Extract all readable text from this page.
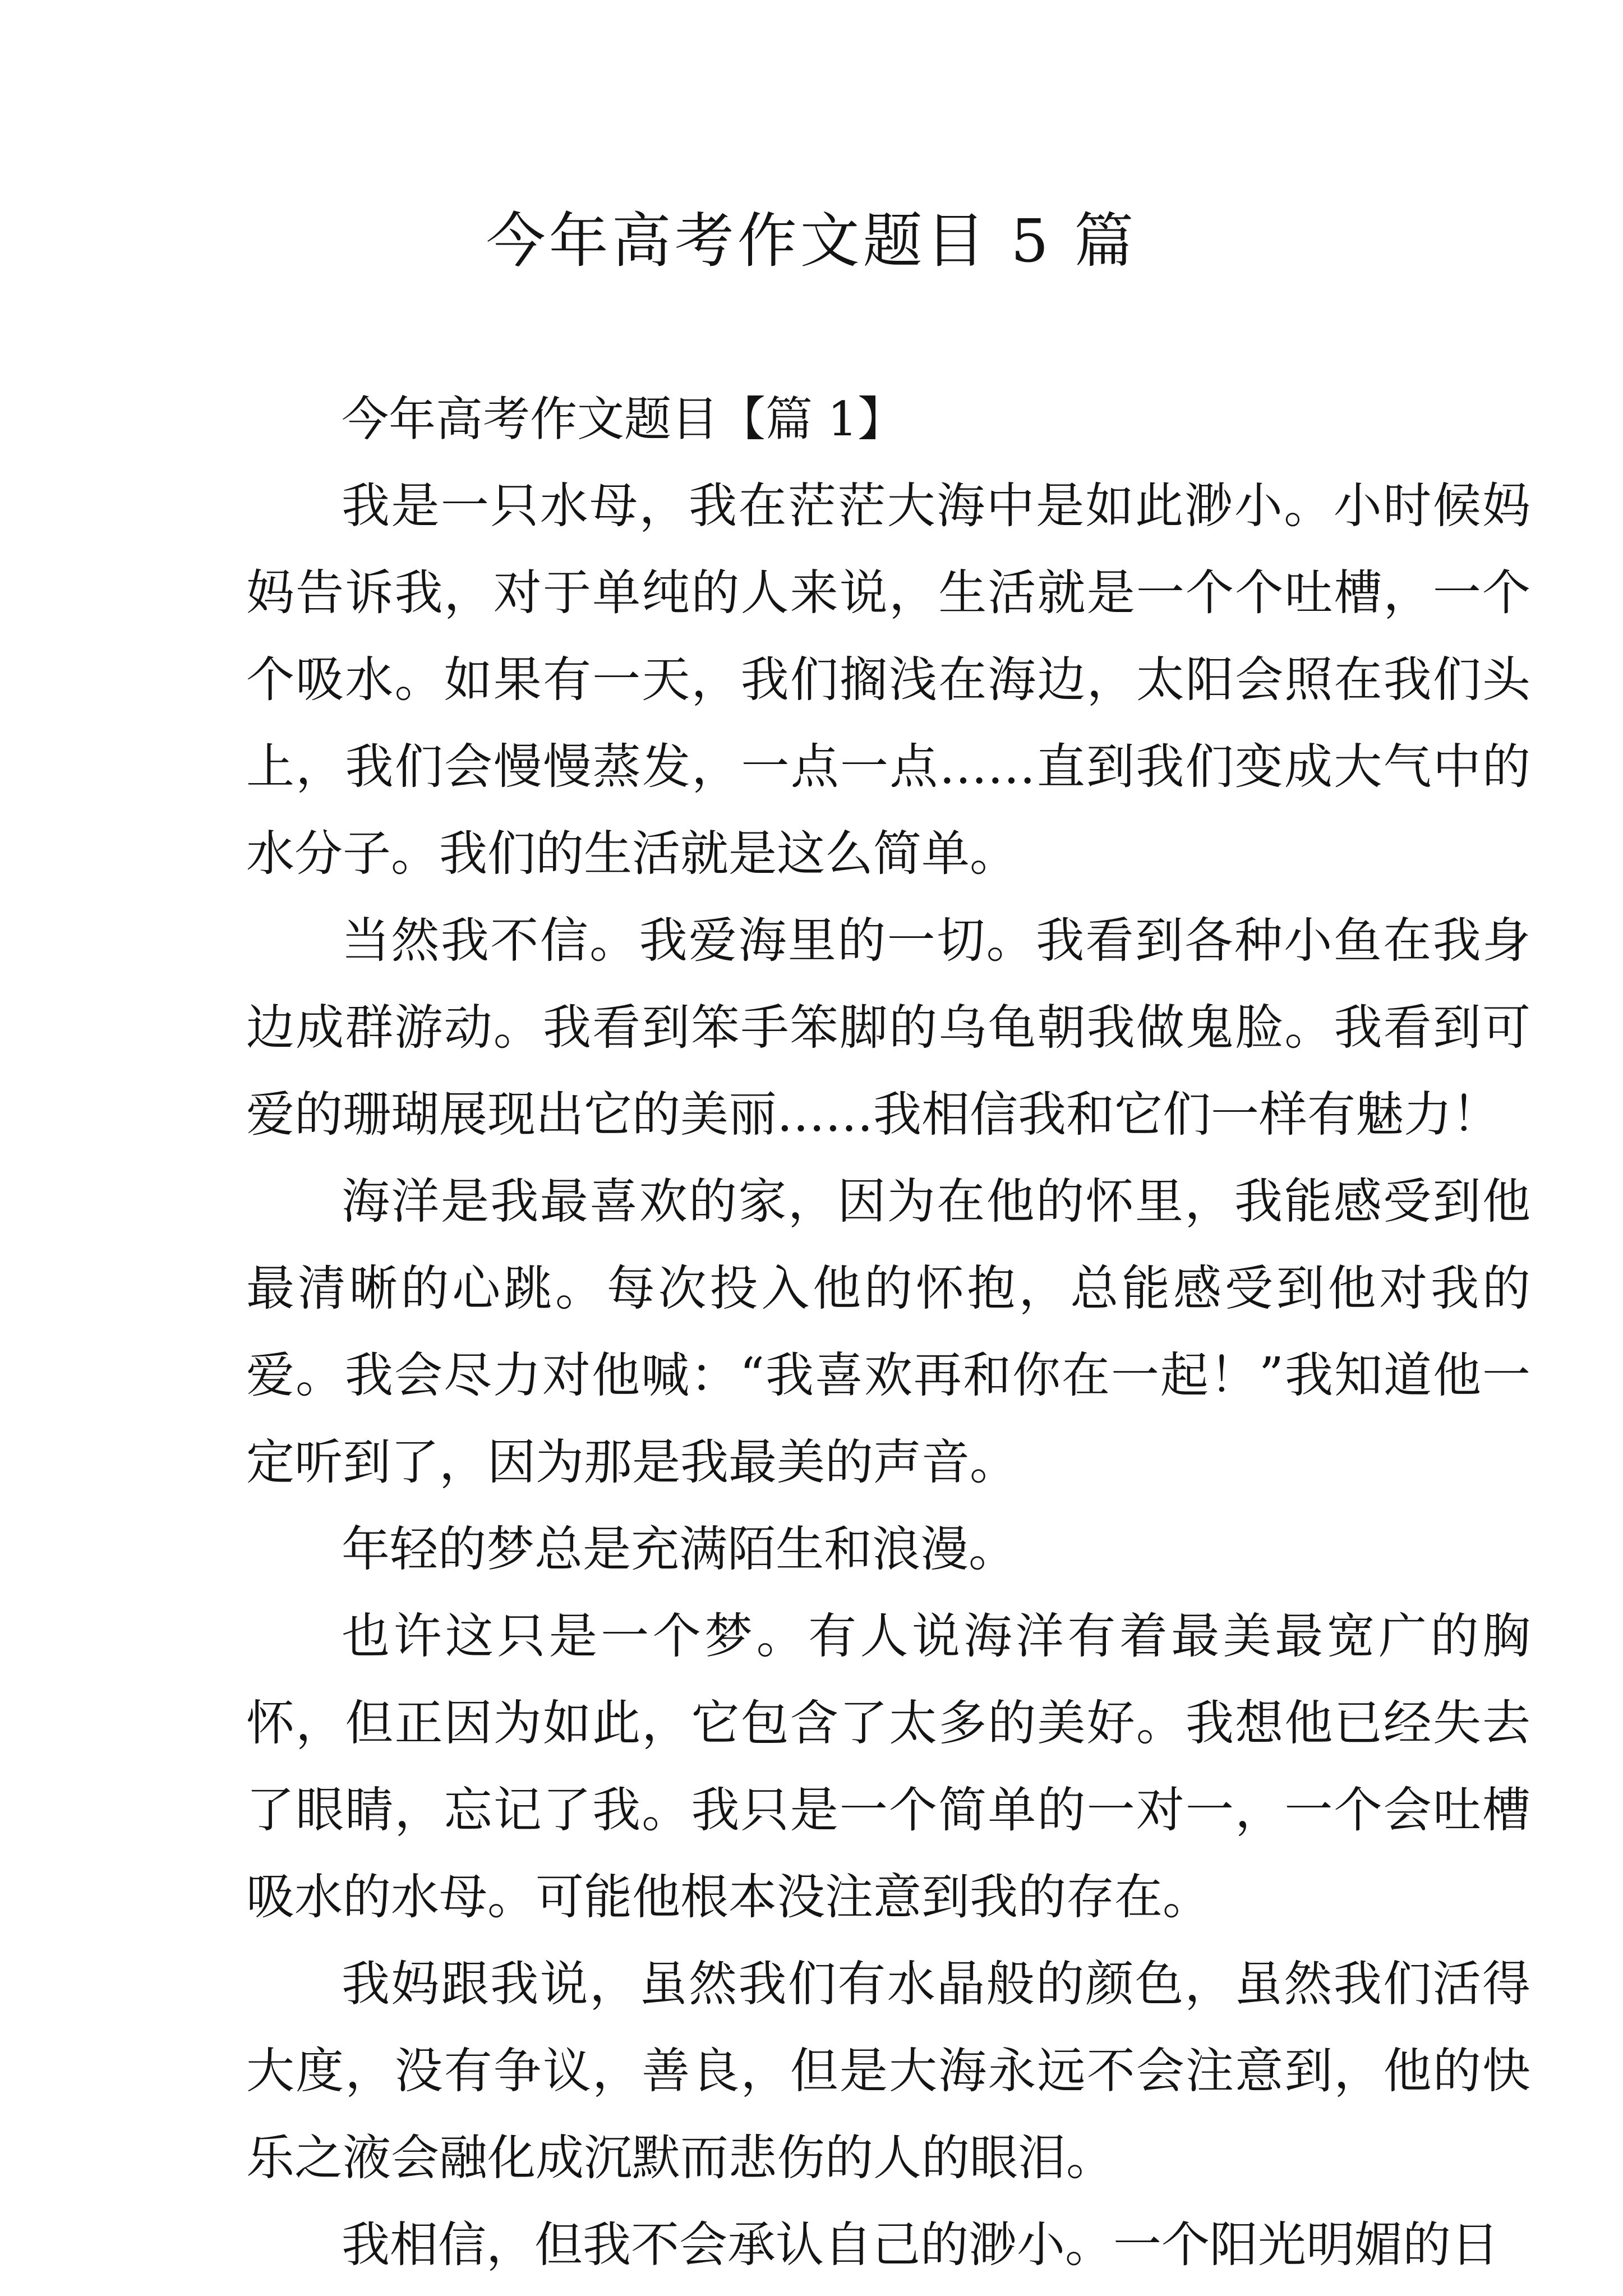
今年高考作文题目 5 篇
今年高考作文题目【篇 1】

我是一只水母，我在茫茫大海中是如此渺小。小时候妈妈告诉我，对于单纯的人来说，生活就是一个个吐槽，一个个吸水。如果有一天，我们搁浅在海边，太阳会照在我们头上，我们会慢慢蒸发，一点一点……直到我们变成大气中的水分子。我们的生活就是这么简单。

当然我不信。我爱海里的一切。我看到各种小鱼在我身边成群游动。我看到笨手笨脚的乌龟朝我做鬼脸。我看到可爱的珊瑚展现出它的美丽……我相信我和它们一样有魅力！

海洋是我最喜欢的家，因为在他的怀里，我能感受到他最清晰的心跳。每次投入他的怀抱，总能感受到他对我的爱。我会尽力对他喊：“我喜欢再和你在一起！”我知道他一定听到了，因为那是我最美的声音。

年轻的梦总是充满陌生和浪漫。

也许这只是一个梦。有人说海洋有着最美最宽广的胸怀，但正因为如此，它包含了太多的美好。我想他已经失去了眼睛，忘记了我。我只是一个简单的一对一，一个会吐槽吸水的水母。可能他根本没注意到我的存在。

我妈跟我说，虽然我们有水晶般的颜色，虽然我们活得大度，没有争议，善良，但是大海永远不会注意到，他的快乐之液会融化成沉默而悲伤的人的眼泪。

我相信，但我不会承认自己的渺小。一个阳光明媚的日
